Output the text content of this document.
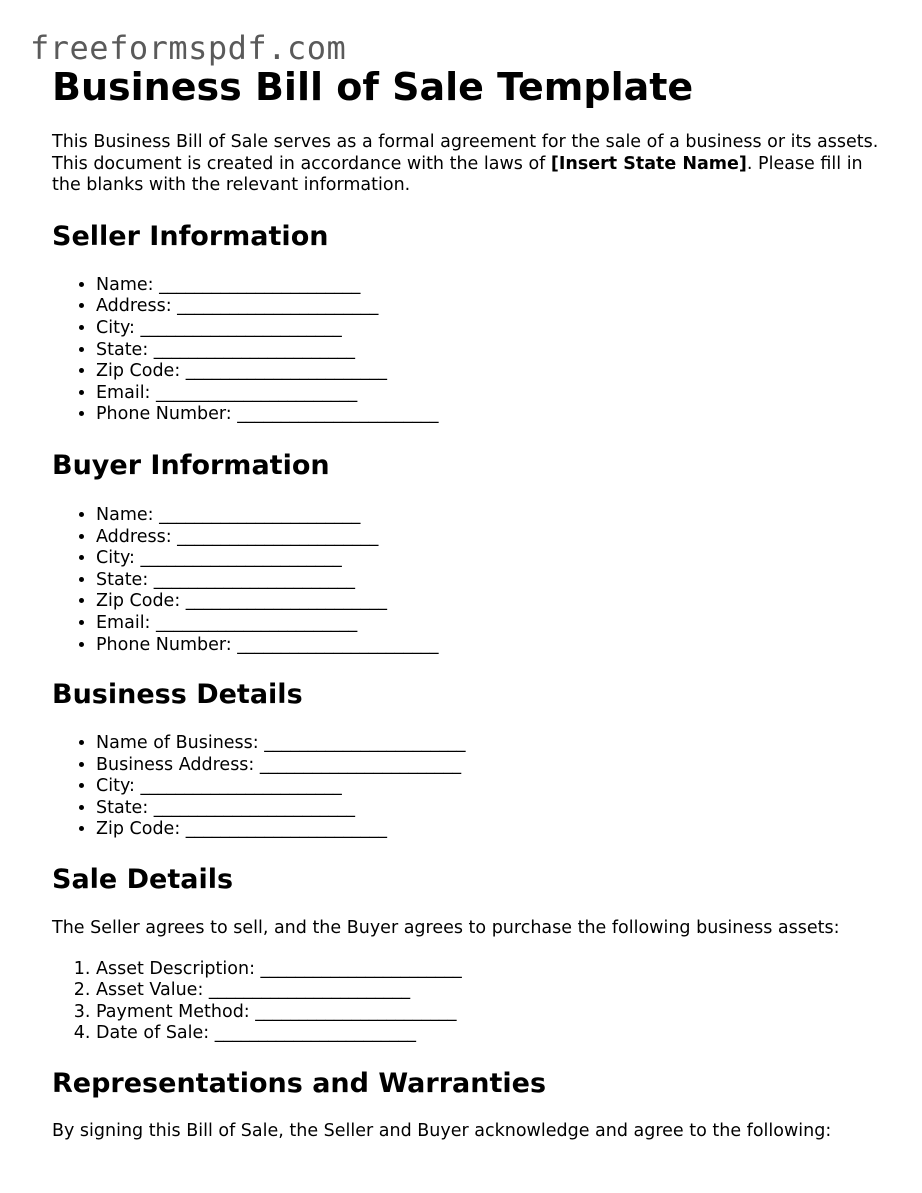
freeformspdf.com
Business Bill of Sale Template

This Business Bill of Sale serves as a formal agreement for the sale of a business or its assets. This document is created in accordance with the laws of [Insert State Name]. Please fill in the blanks with the relevant information.

Seller Information
• Name: _______________________
• Address: _______________________
• City: _______________________
• State: _______________________
• Zip Code: _______________________
• Email: _______________________
• Phone Number: _______________________
Buyer Information
• Name: _______________________
• Address: _______________________
• City: _______________________
• State: _______________________
• Zip Code: _______________________
• Email: _______________________
• Phone Number: _______________________
Business Details
• Name of Business: _______________________
• Business Address: _______________________
• City: _______________________
• State: _______________________
• Zip Code: _______________________
Sale Details

The Seller agrees to sell, and the Buyer agrees to purchase the following business assets:

1. Asset Description: _______________________
2. Asset Value: _______________________
3. Payment Method: _______________________
4. Date of Sale: _______________________
Representations and Warranties

By signing this Bill of Sale, the Seller and Buyer acknowledge and agree to the following:
